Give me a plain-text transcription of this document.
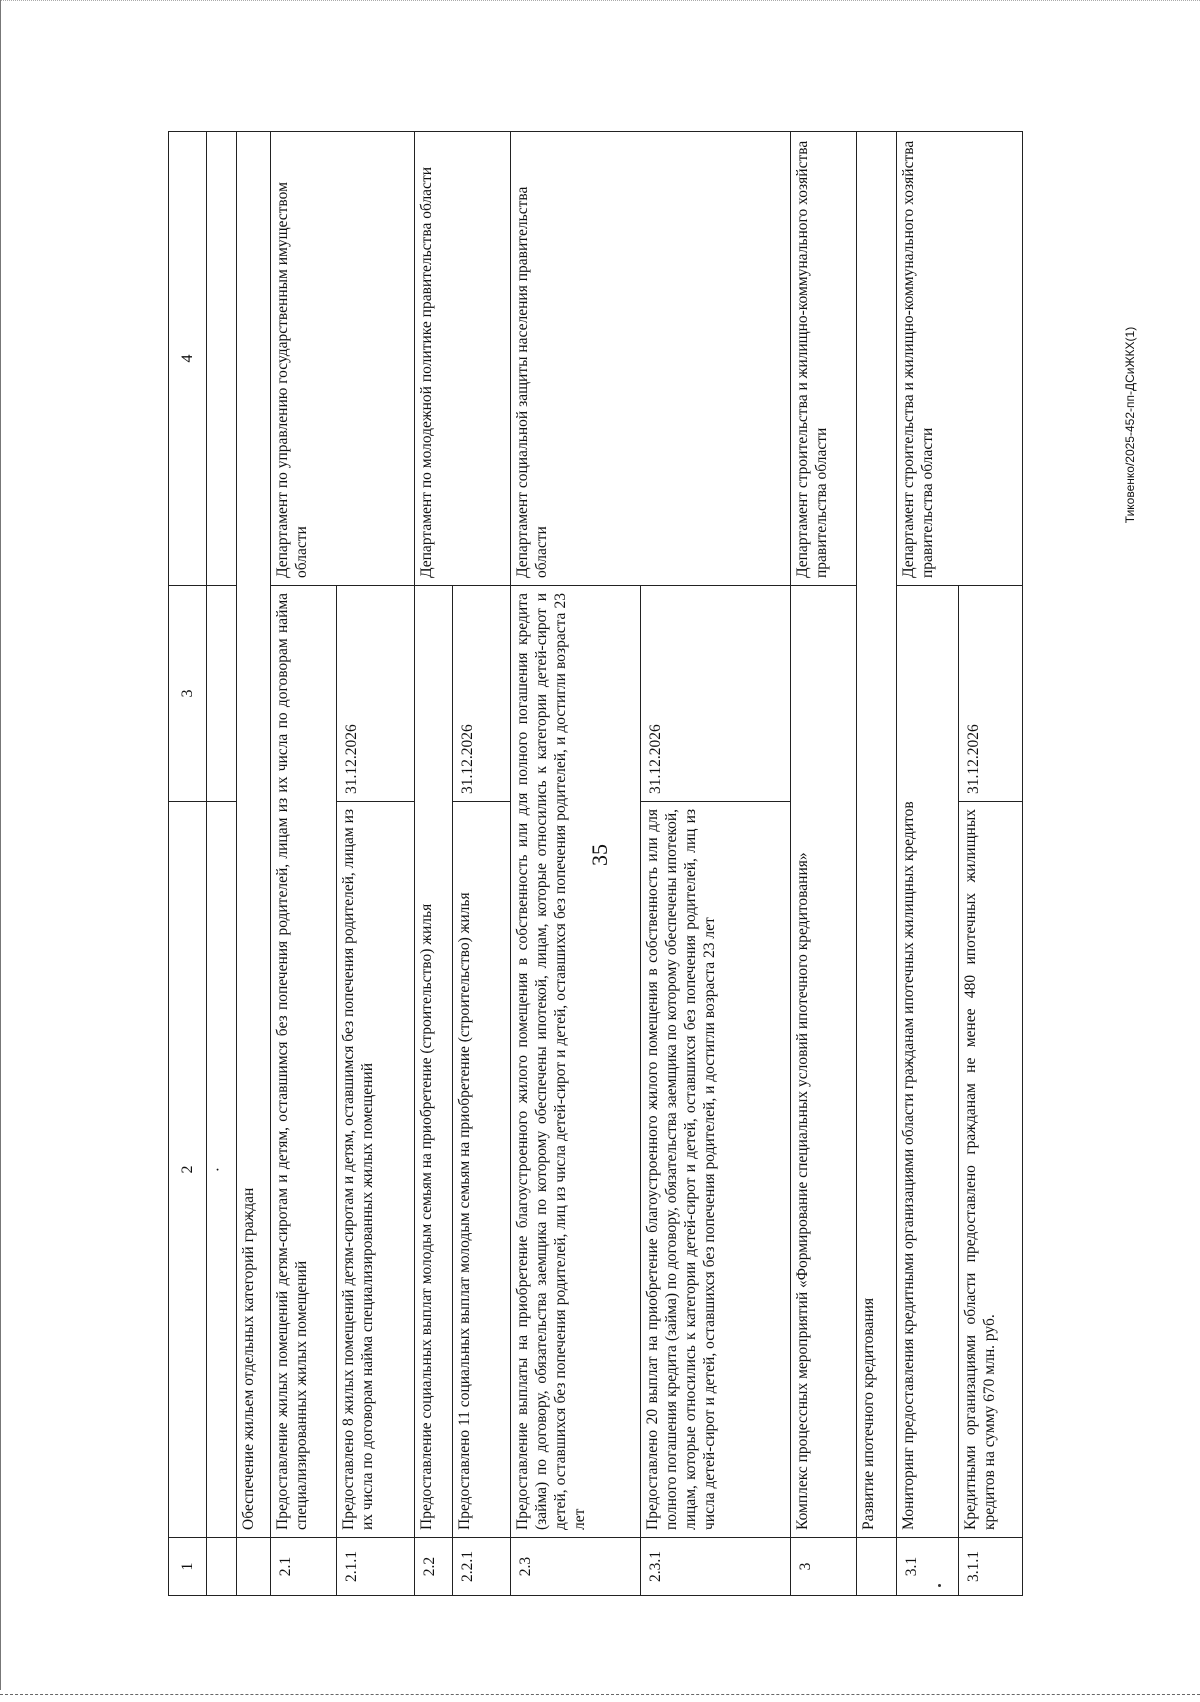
35
Тиковенко/2025-452-пп-ДСиЖКХ(1)
1	2	3	4
	·		
	Обеспечение жильем отдельных категорий граждан		
2.1	Предоставление жилых помещений детям-сиротам и детям, оставшимся без попечения родителей, лицам из их числа по договорам найма специализированных жилых помещений		Департамент по управлению государственным имуществом области
2.1.1	Предоставлено 8 жилых помещений детям-сиротам и детям, оставшимся без попечения родителей, лицам из их числа по договорам найма специализированных жилых помещений	31.12.2026	
2.2	Предоставление социальных выплат молодым семьям на приобретение (строительство) жилья		Департамент по молодежной политике правительства области
2.2.1	Предоставлено 11 социальных выплат молодым семьям на приобретение (строительство) жилья	31.12.2026	
2.3	Предоставление выплаты на приобретение благоустроенного жилого помещения в собственность или для полного погашения кредита (займа) по договору, обязательства заемщика по которому обеспечены ипотекой, лицам, которые относились к категории детей-сирот и детей, оставшихся без попечения родителей, лиц из числа детей-сирот и детей, оставшихся без попечения родителей, и достигли возраста 23 лет		Департамент социальной защиты населения правительства области
2.3.1	Предоставлено 20 выплат на приобретение благоустроенного жилого помещения в собственность или для полного погашения кредита (займа) по договору, обязательства заемщика по которому обеспечены ипотекой, лицам, которые относились к категории детей-сирот и детей, оставшихся без попечения родителей, лиц из числа детей-сирот и детей, оставшихся без попечения родителей, и достигли возраста 23 лет	31.12.2026	
3	Комплекс процессных мероприятий «Формирование специальных условий ипотечного кредитования»		Департамент строительства и жилищно-коммунального хозяйства правительства области
	Развитие ипотечного кредитования		
3.1	Мониторинг предоставления кредитными организациями области гражданам ипотечных жилищных кредитов		Департамент строительства и жилищно-коммунального хозяйства правительства области
3.1.1	Кредитными организациями области предоставлено гражданам не менее 480 ипотечных жилищных кредитов на сумму 670 млн. руб.	31.12.2026	
